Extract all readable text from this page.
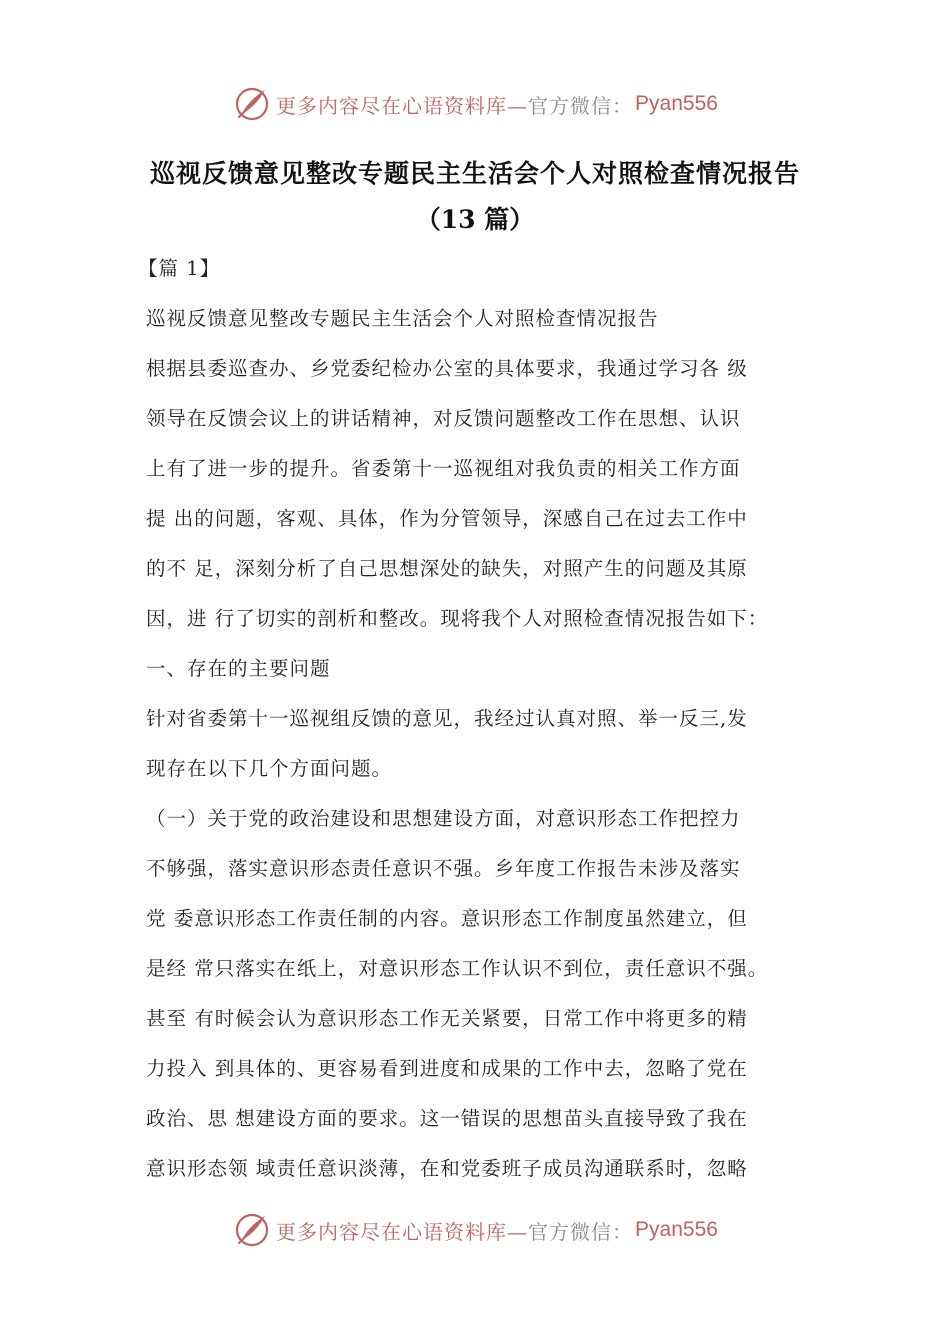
更多内容尽在心语资料库— 官方微信： Pyan556
巡视反馈意见整改专题民主生活会个人对照检查情况报告
（13 篇）
【篇 1】
巡视反馈意见整改专题民主生活会个人对照检查情况报告
根据县委巡查办、乡党委纪检办公室的具体要求，我通过学习各 级
领导在反馈会议上的讲话精神，对反馈问题整改工作在思想、认识
上有了进一步的提升。省委第十一巡视组对我负责的相关工作方面
提 出的问题，客观、具体，作为分管领导，深感自己在过去工作中
的不 足，深刻分析了自己思想深处的缺失，对照产生的问题及其原
因，进 行了切实的剖析和整改。现将我个人对照检查情况报告如下：
一、存在的主要问题
针对省委第十一巡视组反馈的意见，我经过认真对照、举一反三,发
现存在以下几个方面问题。
（一）关于党的政治建设和思想建设方面，对意识形态工作把控力
不够强，落实意识形态责任意识不强。乡年度工作报告未涉及落实
党 委意识形态工作责任制的内容。意识形态工作制度虽然建立，但
是经 常只落实在纸上，对意识形态工作认识不到位，责任意识不强。
甚至 有时候会认为意识形态工作无关紧要，日常工作中将更多的精
力投入 到具体的、更容易看到进度和成果的工作中去，忽略了党在
政治、思 想建设方面的要求。这一错误的思想苗头直接导致了我在
意识形态领 域责任意识淡薄，在和党委班子成员沟通联系时，忽略
更多内容尽在心语资料库— 官方微信： Pyan556
